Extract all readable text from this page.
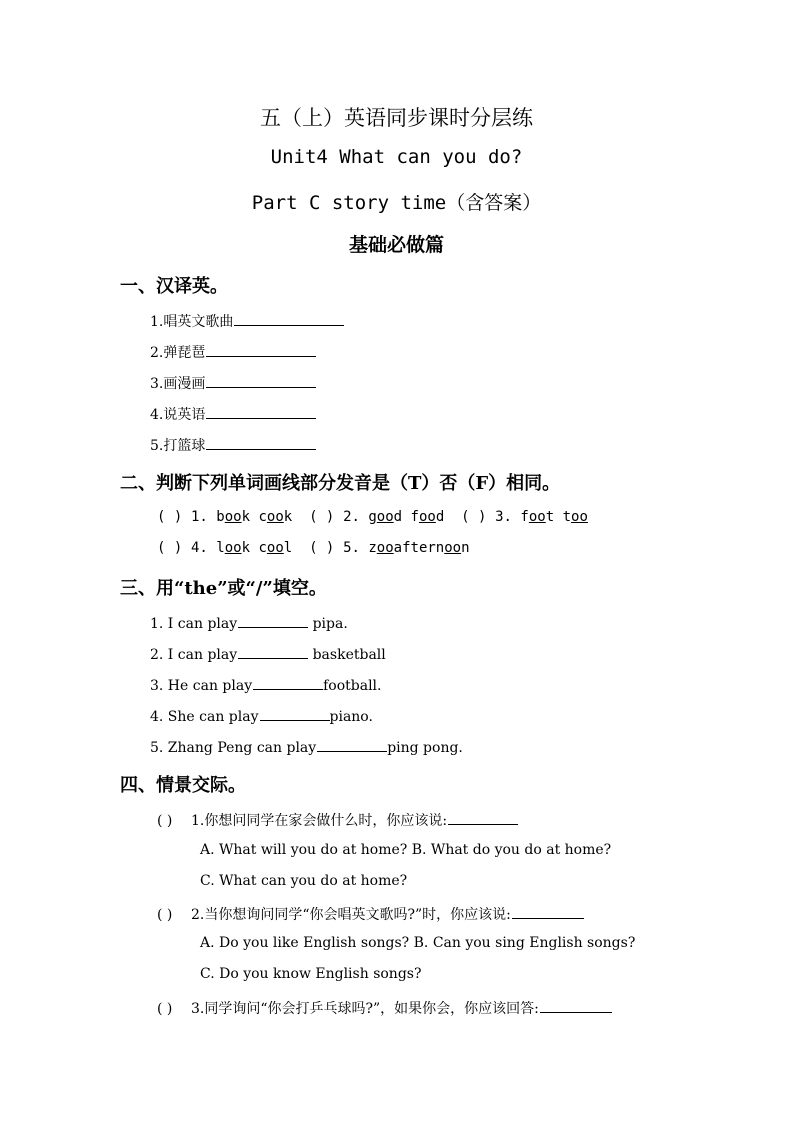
五（上）英语同步课时分层练
Unit4 What can you do?
Part C story time（含答案）
基础必做篇
一、汉译英。
1.唱英文歌曲
2.弹琵琶
3.画漫画
4.说英语
5.打篮球
二、判断下列单词画线部分发音是（T）否（F）相同。
( ) 1. book cook ( ) 2. good food ( ) 3. foot too
( ) 4. look cool ( ) 5. zooafternoon
三、用“the”或“/”填空。
1. I can play	pipa.
2. I can play	basketball
3. He can play	football.
4. She can play	piano.
5. Zhang Peng can play	ping pong.
四、情景交际。
( ) 1.你想问同学在家会做什么时，你应该说:
A. What will you do at home? B. What do you do at home?
C. What can you do at home?
( ) 2.当你想询问同学“你会唱英文歌吗?”时，你应该说:
A. Do you like English songs? B. Can you sing English songs?
C. Do you know English songs?
( ) 3.同学询问“你会打乒乓球吗?”，如果你会，你应该回答:
